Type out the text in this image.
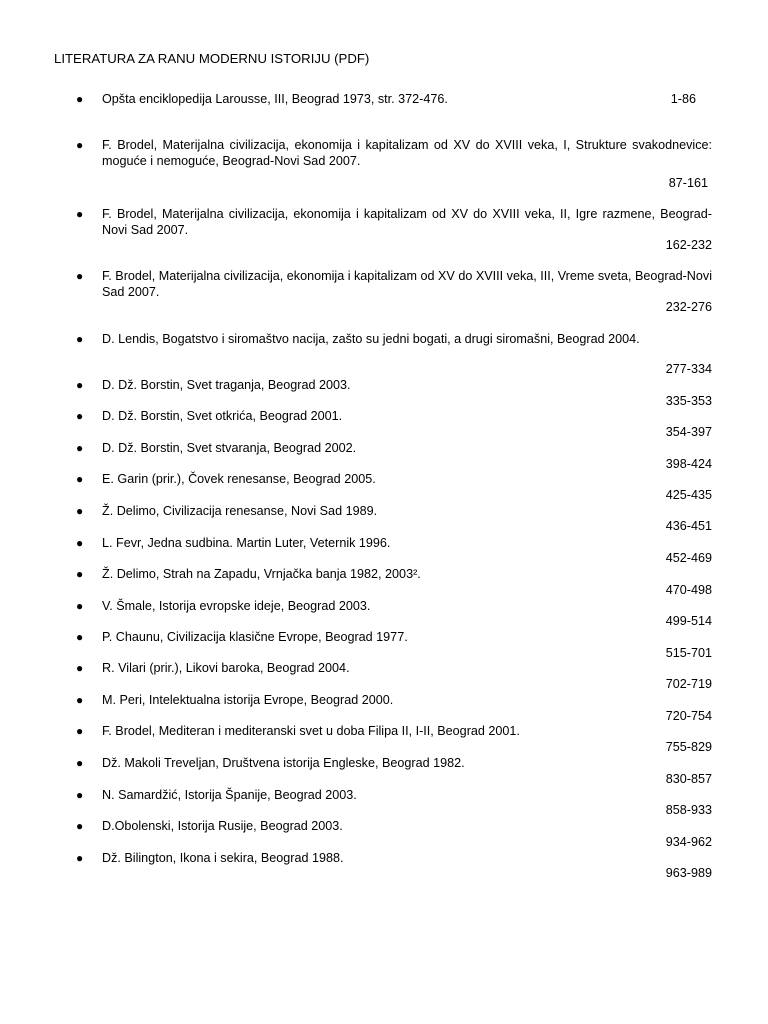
LITERATURA ZA RANU MODERNU ISTORIJU (PDF)
● Opšta enciklopedija Larousse, III, Beograd 1973, str. 372-476.	1-86
● F. Brodel, Materijalna civilizacija, ekonomija i kapitalizam od XV do XVIII veka, I, Strukture svakodnevice: moguće i nemoguće, Beograd-Novi Sad 2007.
87-161
● F. Brodel, Materijalna civilizacija, ekonomija i kapitalizam od XV do XVIII veka, II, Igre razmene, Beograd-Novi Sad 2007.
162-232
● F. Brodel, Materijalna civilizacija, ekonomija i kapitalizam od XV do XVIII veka, III, Vreme sveta, Beograd-Novi Sad 2007.
232-276
● D. Lendis, Bogatstvo i siromaštvo nacija, zašto su jedni bogati, a drugi siromašni, Beograd 2004.
277-334
● D. Dž. Borstin, Svet traganja, Beograd 2003.
335-353
● D. Dž. Borstin, Svet otkrića, Beograd 2001.
354-397
● D. Dž. Borstin, Svet stvaranja, Beograd 2002.
398-424
● E. Garin (prir.), Čovek renesanse, Beograd 2005.
425-435
● Ž. Delimo, Civilizacija renesanse, Novi Sad 1989.
436-451
● L. Fevr, Jedna sudbina. Martin Luter, Veternik 1996.
452-469
● Ž. Delimo, Strah na Zapadu, Vrnjačka banja 1982, 2003².
470-498
● V. Šmale, Istorija evropske ideje, Beograd 2003.
499-514
● P. Chaunu, Civilizacija klasične Evrope, Beograd 1977.
515-701
● R. Vilari (prir.), Likovi baroka, Beograd 2004.
702-719
● M. Peri, Intelektualna istorija Evrope, Beograd 2000.
720-754
● F. Brodel, Mediteran i mediteranski svet u doba Filipa II, I-II, Beograd 2001.
755-829
● Dž. Makoli Treveljan, Društvena istorija Engleske, Beograd 1982.
830-857
● N. Samardžić, Istorija Španije, Beograd 2003.
858-933
● D.Obolenski, Istorija Rusije, Beograd 2003.
934-962
● Dž. Bilington, Ikona i sekira, Beograd 1988.
963-989
